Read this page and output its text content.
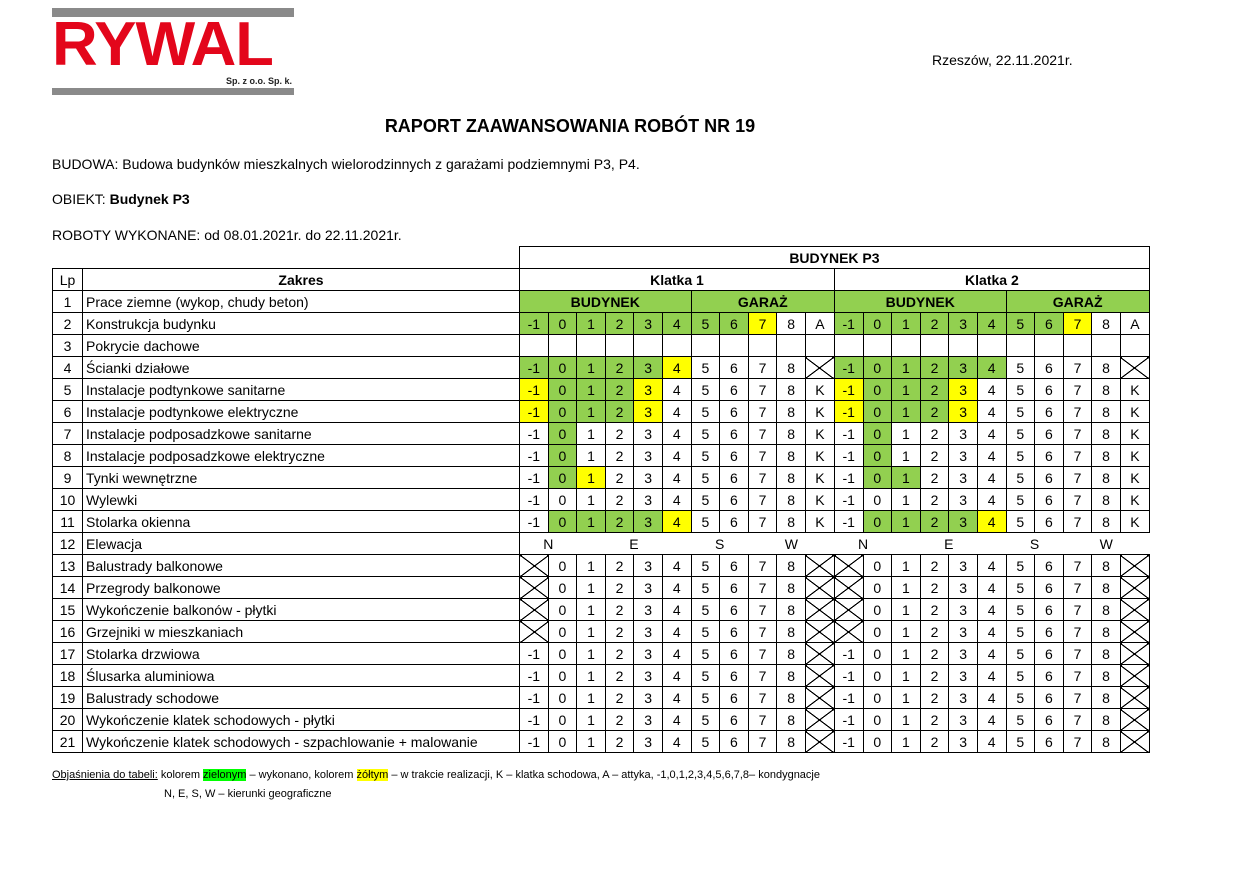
RYWAL
Sp. z o.o. Sp. k.
Rzeszów, 22.11.2021r.
RAPORT ZAAWANSOWANIA ROBÓT NR 19
BUDOWA: Budowa budynków mieszkalnych wielorodzinnych z garażami podziemnymi P3, P4.
OBIEKT: Budynek P3
ROBOTY WYKONANE: od 08.01.2021r. do 22.11.2021r.
		BUDYNEK P3																					
Lp	Zakres	Klatka 1											Klatka 2										
1	Prace ziemne (wykop, chudy beton)	BUDYNEK						GARAŻ					BUDYNEK						GARAŻ				
2	Konstrukcja budynku	-1	0	1	2	3	4	5	6	7	8	A	-1	0	1	2	3	4	5	6	7	8	A
3	Pokrycie dachowe																						
4	Ścianki działowe	-1	0	1	2	3	4	5	6	7	8		-1	0	1	2	3	4	5	6	7	8	
5	Instalacje podtynkowe sanitarne	-1	0	1	2	3	4	5	6	7	8	K	-1	0	1	2	3	4	5	6	7	8	K
6	Instalacje podtynkowe elektryczne	-1	0	1	2	3	4	5	6	7	8	K	-1	0	1	2	3	4	5	6	7	8	K
7	Instalacje podposadzkowe sanitarne	-1	0	1	2	3	4	5	6	7	8	K	-1	0	1	2	3	4	5	6	7	8	K
8	Instalacje podposadzkowe elektryczne	-1	0	1	2	3	4	5	6	7	8	K	-1	0	1	2	3	4	5	6	7	8	K
9	Tynki wewnętrzne	-1	0	1	2	3	4	5	6	7	8	K	-1	0	1	2	3	4	5	6	7	8	K
10	Wylewki	-1	0	1	2	3	4	5	6	7	8	K	-1	0	1	2	3	4	5	6	7	8	K
11	Stolarka okienna	-1	0	1	2	3	4	5	6	7	8	K	-1	0	1	2	3	4	5	6	7	8	K
12	Elewacja	N		E				S		W			N		E				S		W		
13	Balustrady balkonowe		0	1	2	3	4	5	6	7	8			0	1	2	3	4	5	6	7	8	
14	Przegrody balkonowe		0	1	2	3	4	5	6	7	8			0	1	2	3	4	5	6	7	8	
15	Wykończenie balkonów - płytki		0	1	2	3	4	5	6	7	8			0	1	2	3	4	5	6	7	8	
16	Grzejniki w mieszkaniach		0	1	2	3	4	5	6	7	8			0	1	2	3	4	5	6	7	8	
17	Stolarka drzwiowa	-1	0	1	2	3	4	5	6	7	8		-1	0	1	2	3	4	5	6	7	8	
18	Ślusarka aluminiowa	-1	0	1	2	3	4	5	6	7	8		-1	0	1	2	3	4	5	6	7	8	
19	Balustrady schodowe	-1	0	1	2	3	4	5	6	7	8		-1	0	1	2	3	4	5	6	7	8	
20	Wykończenie klatek schodowych - płytki	-1	0	1	2	3	4	5	6	7	8		-1	0	1	2	3	4	5	6	7	8	
21	Wykończenie klatek schodowych - szpachlowanie + malowanie	-1	0	1	2	3	4	5	6	7	8		-1	0	1	2	3	4	5	6	7	8	
Objaśnienia do tabeli: kolorem zielonym – wykonano, kolorem żółtym – w trakcie realizacji, K – klatka schodowa, A – attyka, -1,0,1,2,3,4,5,6,7,8– kondygnacje
N, E, S, W – kierunki geograficzne
